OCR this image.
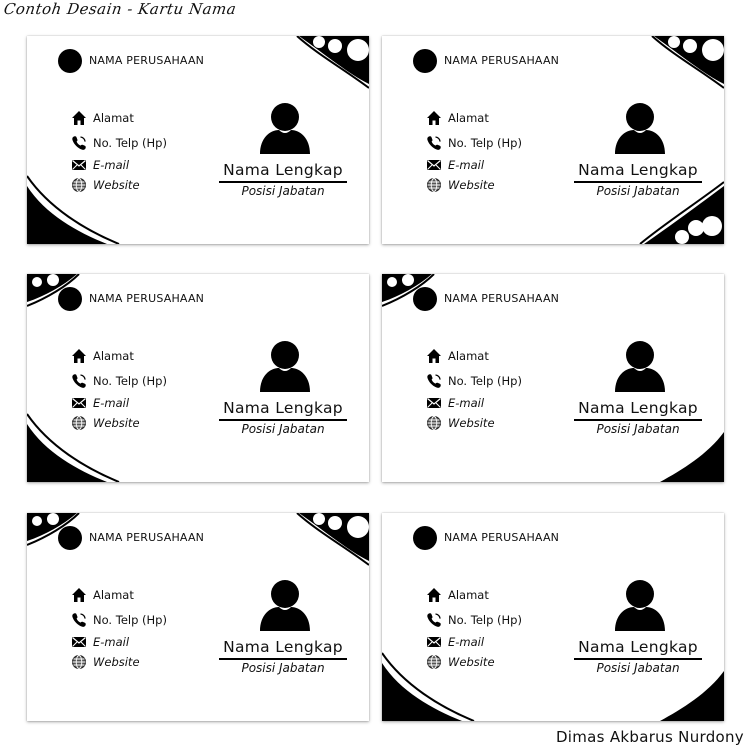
Contoh Desain - Kartu Nama
NAMA PERUSAHAAN
Alamat
No. Telp (Hp)
E-mail
Website
Nama Lengkap
Posisi Jabatan
NAMA PERUSAHAAN
Alamat
No. Telp (Hp)
E-mail
Website
Nama Lengkap
Posisi Jabatan
NAMA PERUSAHAAN
Alamat
No. Telp (Hp)
E-mail
Website
Nama Lengkap
Posisi Jabatan
NAMA PERUSAHAAN
Alamat
No. Telp (Hp)
E-mail
Website
Nama Lengkap
Posisi Jabatan
NAMA PERUSAHAAN
Alamat
No. Telp (Hp)
E-mail
Website
Nama Lengkap
Posisi Jabatan
NAMA PERUSAHAAN
Alamat
No. Telp (Hp)
E-mail
Website
Nama Lengkap
Posisi Jabatan
Dimas Akbarus Nurdony
